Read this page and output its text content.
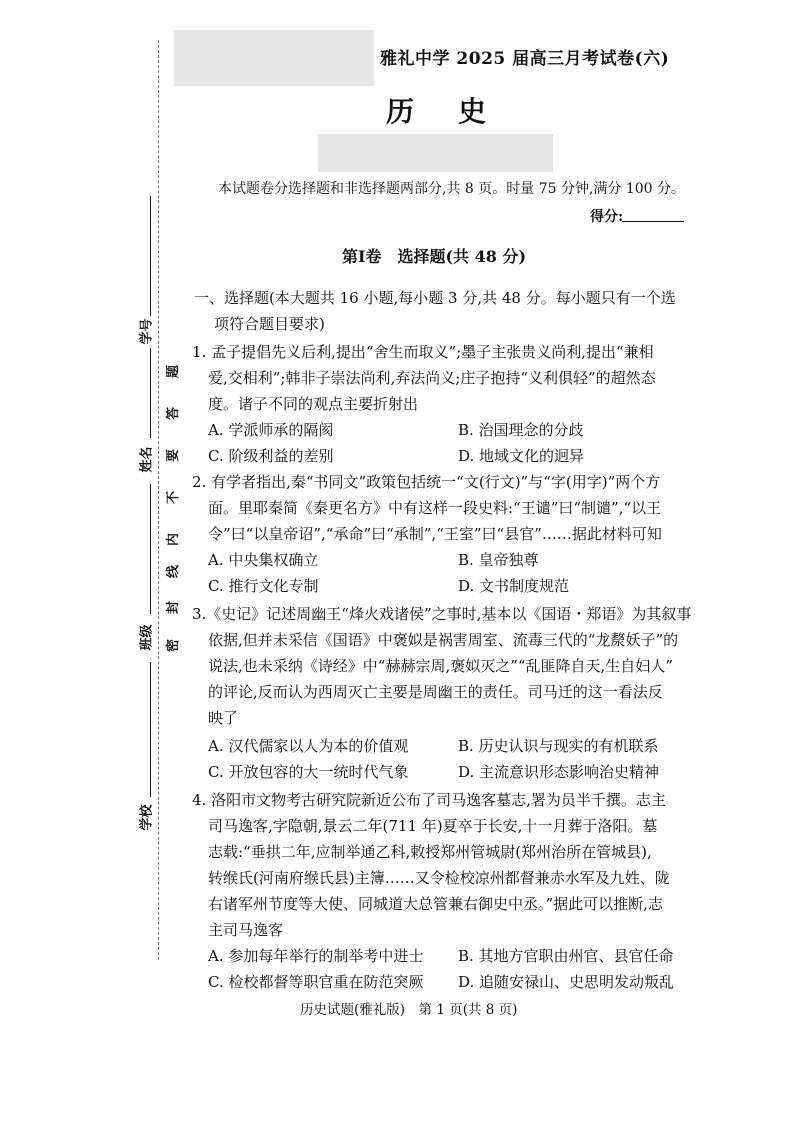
学号
姓名
班级
学校
题
答
要
不
内
线
封
密
雅礼中学 2025 届高三月考试卷(六)
历史
本试题卷分选择题和非选择题两部分,共 8 页。时量 75 分钟,满分 100 分。
得分:
第Ⅰ卷　选择题(共 48 分)
一、选择题(本大题共 16 小题,每小题 3 分,共 48 分。每小题只有一个选
项符合题目要求)
1. 孟子提倡先义后利,提出“舍生而取义”;墨子主张贵义尚利,提出“兼相
爱,交相利”;韩非子崇法尚利,弃法尚义;庄子抱持“义利俱轻”的超然态
度。诸子不同的观点主要折射出
A. 学派师承的隔阂	B. 治国理念的分歧
C. 阶级利益的差别	D. 地域文化的迥异
2. 有学者指出,秦“书同文”政策包括统一“文(行文)”与“字(用字)”两个方
面。里耶秦简《秦更名方》中有这样一段史料:“王谴”曰“制谴”,“以王
令”曰“以皇帝诏”,“承命”曰“承制”,“王室”曰“县官”……据此材料可知
A. 中央集权确立	B. 皇帝独尊
C. 推行文化专制	D. 文书制度规范
3.《史记》记述周幽王“烽火戏诸侯”之事时,基本以《国语・郑语》为其叙事
依据,但并未采信《国语》中褒姒是祸害周室、流毒三代的“龙漦妖子”的
说法,也未采纳《诗经》中“赫赫宗周,褒姒灭之”“乱匪降自天,生自妇人”
的评论,反而认为西周灭亡主要是周幽王的责任。司马迁的这一看法反
映了
A. 汉代儒家以人为本的价值观	B. 历史认识与现实的有机联系
C. 开放包容的大一统时代气象	D. 主流意识形态影响治史精神
4. 洛阳市文物考古研究院新近公布了司马逸客墓志,署为员半千撰。志主
司马逸客,字隐朝,景云二年(711 年)夏卒于长安,十一月葬于洛阳。墓
志载:“垂拱二年,应制举通乙科,敕授郑州管城尉(郑州治所在管城县),
转缑氏(河南府缑氏县)主簿……又令检校凉州都督兼赤水军及九姓、陇
右诸军州节度等大使、同城道大总管兼右御史中丞。”据此可以推断,志
主司马逸客
A. 参加每年举行的制举考中进士 B. 其地方官职由州官、县官任命
C. 检校都督等职官重在防范突厥 D. 追随安禄山、史思明发动叛乱
历史试题(雅礼版)　第 1 页(共 8 页)
